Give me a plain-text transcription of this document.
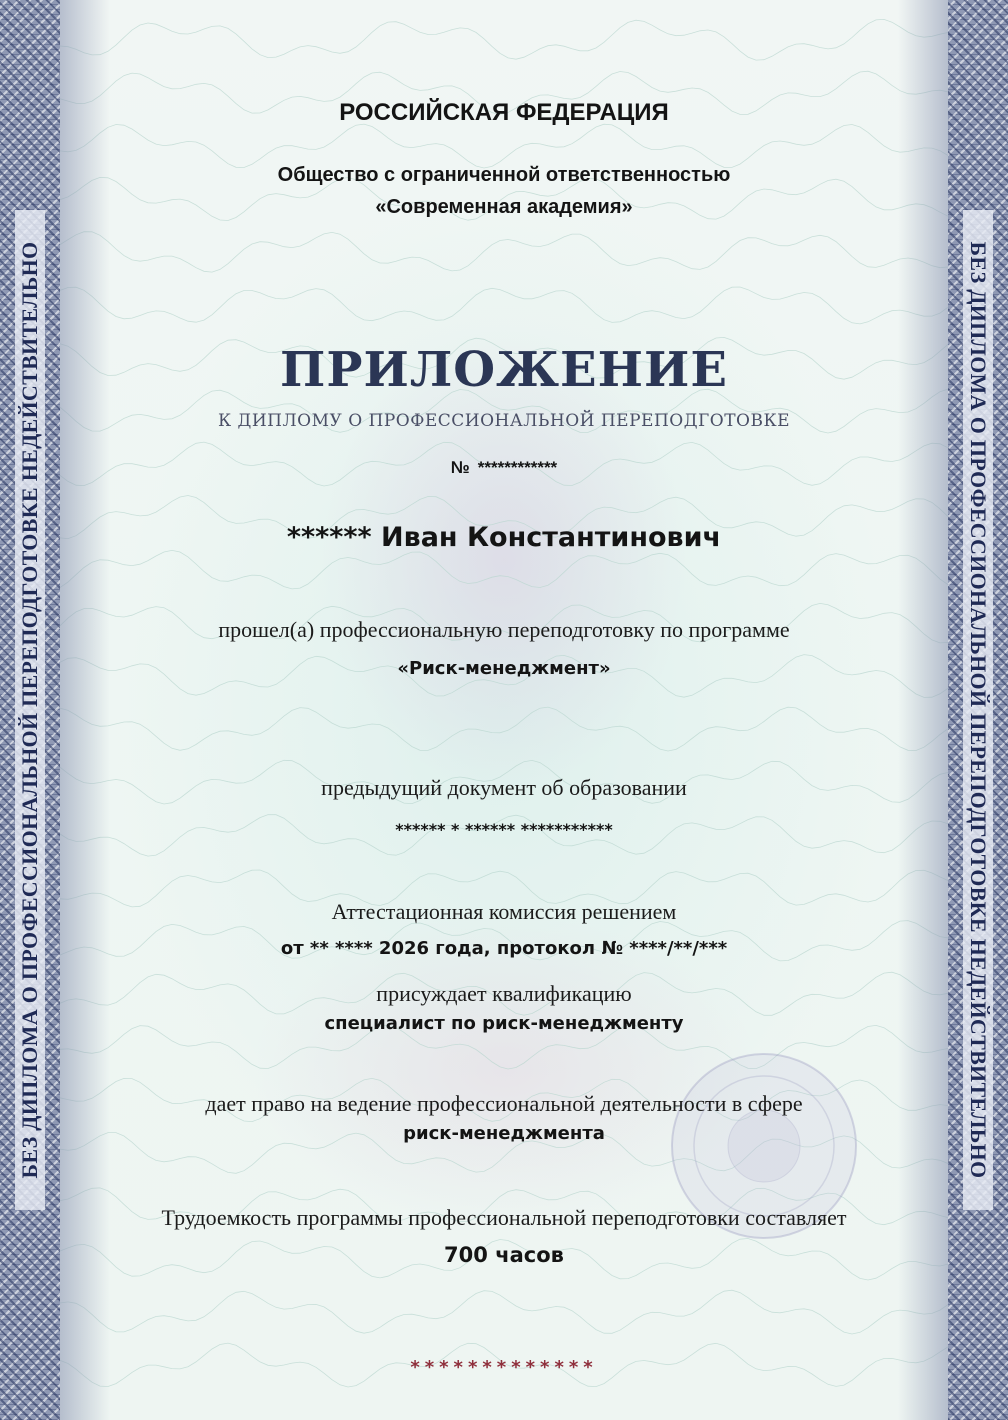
БЕЗ ДИПЛОМА О ПРОФЕССИОНАЛЬНОЙ ПЕРЕПОДГОТОВКЕ НЕДЕЙСТВИТЕЛЬНО	БЕЗ ДИПЛОМА О ПРОФЕССИОНАЛЬНОЙ ПЕРЕПОДГОТОВКЕ НЕДЕЙСТВИТЕЛЬНО
РОССИЙСКАЯ ФЕДЕРАЦИЯ
Общество с ограниченной ответственностью
«Современная академия»
ПРИЛОЖЕНИЕ
К ДИПЛОМУ О ПРОФЕССИОНАЛЬНОЙ ПЕРЕПОДГОТОВКЕ
№ ************
****** Иван Константинович
прошел(а) профессиональную переподготовку по программе
«Риск-менеджмент»
предыдущий документ об образовании
****** * ****** ***********
Аттестационная комиссия решением
от ** **** 2026 года, протокол № ****/**/***
присуждает квалификацию
специалист по риск-менеджменту
дает право на ведение профессиональной деятельности в сфере
риск-менеджмента
Трудоемкость программы профессиональной переподготовки составляет
700 часов
*************
